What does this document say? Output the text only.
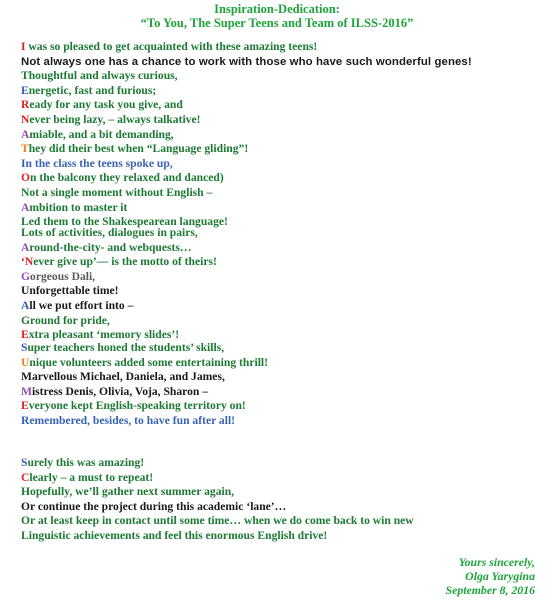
Inspiration-Dedication:
“To You, The Super Teens and Team of ILSS-2016”
I was so pleased to get acquainted with these amazing teens!
Not always one has a chance to work with those who have such wonderful genes!
Thoughtful and always curious,
Energetic, fast and furious;
Ready for any task you give, and
Never being lazy, – always talkative!
Amiable, and a bit demanding,
They did their best when “Language gliding”!
In the class the teens spoke up,
On the balcony they relaxed and danced)
Not a single moment without English –
Ambition to master it
Led them to the Shakespearean language!
Lots of activities, dialogues in pairs,
Around-the-city- and webquests…
‘Never give up’— is the motto of theirs!
Gorgeous Dali,
Unforgettable time!
All we put effort into –
Ground for pride,
Extra pleasant ‘memory slides’!
Super teachers honed the students’ skills,
Unique volunteers added some entertaining thrill!
Marvellous Michael, Daniela, and James,
Mistress Denis, Olivia, Voja, Sharon –
Everyone kept English-speaking territory on!
Remembered, besides, to have fun after all!
Surely this was amazing!
Clearly – a must to repeat!
Hopefully, we’ll gather next summer again,
Or continue the project during this academic ‘lane’…
Or at least keep in contact until some time… when we do come back to win new
Linguistic achievements and feel this enormous English drive!
Yours sincerely,
Olga Yarygina
September 8, 2016
